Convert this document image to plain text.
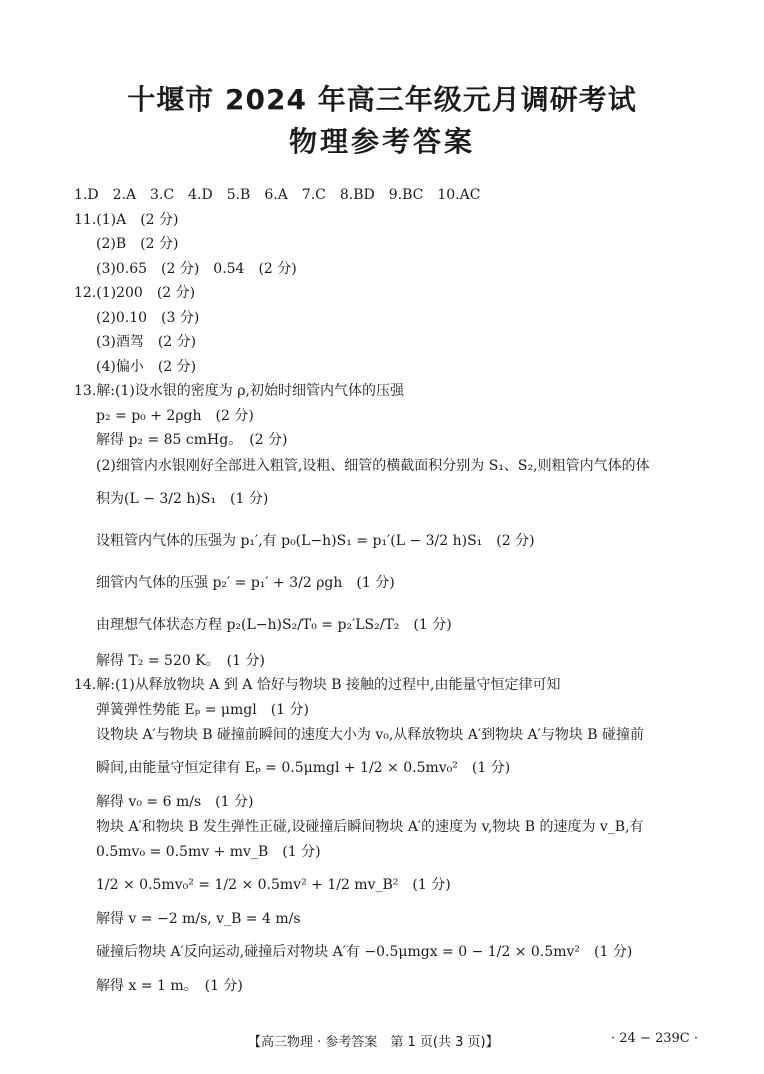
十堰市 2024 年高三年级元月调研考试
物理参考答案
1.D　2.A　3.C　4.D　5.B　6.A　7.C　8.BD　9.BC　10.AC
11.(1)A　(2 分)
(2)B　(2 分)
(3)0.65　(2 分)　0.54　(2 分)
12.(1)200　(2 分)
(2)0.10　(3 分)
(3)酒驾　(2 分)
(4)偏小　(2 分)
13.解:(1)设水银的密度为 ρ,初始时细管内气体的压强
p₂ = p₀ + 2ρgh　(2 分)
解得 p₂ = 85 cmHg。　(2 分)
(2)细管内水银刚好全部进入粗管,设粗、细管的横截面积分别为 S₁、S₂,则粗管内气体的体
积为(L − 3/2 h)S₁　(1 分)
设粗管内气体的压强为 p₁′,有 p₀(L−h)S₁ = p₁′(L − 3/2 h)S₁　(2 分)
细管内气体的压强 p₂′ = p₁′ + 3/2 ρgh　(1 分)
由理想气体状态方程 p₂(L−h)S₂/T₀ = p₂′LS₂/T₂　(1 分)
解得 T₂ = 520 K。　(1 分)
14.解:(1)从释放物块 A 到 A 恰好与物块 B 接触的过程中,由能量守恒定律可知
弹簧弹性势能 Eₚ = μmgl　(1 分)
设物块 A′与物块 B 碰撞前瞬间的速度大小为 v₀,从释放物块 A′到物块 A′与物块 B 碰撞前
瞬间,由能量守恒定律有 Eₚ = 0.5μmgl + 1/2 × 0.5mv₀²　(1 分)
解得 v₀ = 6 m/s　(1 分)
物块 A′和物块 B 发生弹性正碰,设碰撞后瞬间物块 A′的速度为 v,物块 B 的速度为 v_B,有
0.5mv₀ = 0.5mv + mv_B　(1 分)
1/2 × 0.5mv₀² = 1/2 × 0.5mv² + 1/2 mv_B²　(1 分)
解得 v = −2 m/s, v_B = 4 m/s
碰撞后物块 A′反向运动,碰撞后对物块 A′有 −0.5μmgx = 0 − 1/2 × 0.5mv²　(1 分)
解得 x = 1 m。　(1 分)
【高三物理 · 参考答案　第 1 页(共 3 页)】	· 24 − 239C ·
